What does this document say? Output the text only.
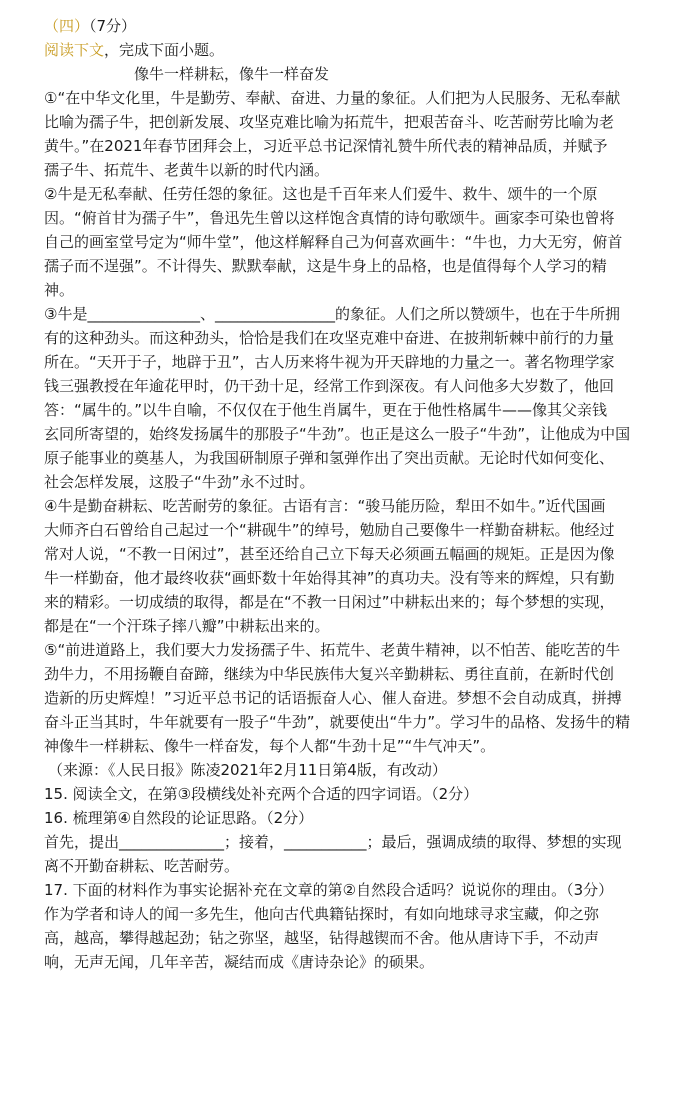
（四）（7分）
阅读下文，完成下面小题。
像牛一样耕耘，像牛一样奋发
①“在中华文化里，牛是勤劳、奉献、奋进、力量的象征。人们把为人民服务、无私奉献
比喻为孺子牛，把创新发展、攻坚克难比喻为拓荒牛，把艰苦奋斗、吃苦耐劳比喻为老
黄牛。”在2021年春节团拜会上，习近平总书记深情礼赞牛所代表的精神品质，并赋予
孺子牛、拓荒牛、老黄牛以新的时代内涵。
②牛是无私奉献、任劳任怨的象征。这也是千百年来人们爱牛、救牛、颂牛的一个原
因。“俯首甘为孺子牛”，鲁迅先生曾以这样饱含真情的诗句歌颂牛。画家李可染也曾将
自己的画室堂号定为“师牛堂”，他这样解释自己为何喜欢画牛：“牛也，力大无穷，俯首
孺子而不逞强”。不计得失、默默奉献，这是牛身上的品格，也是值得每个人学习的精
神。
③牛是_______________、________________的象征。人们之所以赞颂牛，也在于牛所拥
有的这种劲头。而这种劲头，恰恰是我们在攻坚克难中奋进、在披荆斩棘中前行的力量
所在。“天开于子，地辟于丑”，古人历来将牛视为开天辟地的力量之一。著名物理学家
钱三强教授在年逾花甲时，仍干劲十足，经常工作到深夜。有人问他多大岁数了，他回
答：“属牛的。”以牛自喻，不仅仅在于他生肖属牛，更在于他性格属牛——像其父亲钱
玄同所寄望的，始终发扬属牛的那股子“牛劲”。也正是这么一股子“牛劲”，让他成为中国
原子能事业的奠基人，为我国研制原子弹和氢弹作出了突出贡献。无论时代如何变化、
社会怎样发展，这股子“牛劲”永不过时。
④牛是勤奋耕耘、吃苦耐劳的象征。古语有言：“骏马能历险，犁田不如牛。”近代国画
大师齐白石曾给自己起过一个“耕砚牛”的绰号，勉励自己要像牛一样勤奋耕耘。他经过
常对人说，“不教一日闲过”，甚至还给自己立下每天必须画五幅画的规矩。正是因为像
牛一样勤奋，他才最终收获“画虾数十年始得其神”的真功夫。没有等来的辉煌，只有勤
来的精彩。一切成绩的取得，都是在“不教一日闲过”中耕耘出来的；每个梦想的实现，
都是在“一个汗珠子摔八瓣”中耕耘出来的。
⑤“前进道路上，我们要大力发扬孺子牛、拓荒牛、老黄牛精神，以不怕苦、能吃苦的牛
劲牛力，不用扬鞭自奋蹄，继续为中华民族伟大复兴辛勤耕耘、勇往直前，在新时代创
造新的历史辉煌！”习近平总书记的话语振奋人心、催人奋进。梦想不会自动成真，拼搏
奋斗正当其时，牛年就要有一股子“牛劲”，就要使出“牛力”。学习牛的品格、发扬牛的精
神像牛一样耕耘、像牛一样奋发，每个人都“牛劲十足”“牛气冲天”。
（来源：《人民日报》陈凌2021年2月11日第4版，有改动）
15. 阅读全文，在第③段横线处补充两个合适的四字词语。（2分）
16. 梳理第④自然段的论证思路。（2分）
首先，提出______________；接着，___________；最后，强调成绩的取得、梦想的实现
离不开勤奋耕耘、吃苦耐劳。
17. 下面的材料作为事实论据补充在文章的第②自然段合适吗？说说你的理由。（3分）
作为学者和诗人的闻一多先生，他向古代典籍钻探时，有如向地球寻求宝藏，仰之弥
高，越高，攀得越起劲；钻之弥坚，越坚，钻得越锲而不舍。他从唐诗下手，不动声
响，无声无闻，几年辛苦，凝结而成《唐诗杂论》的硕果。
